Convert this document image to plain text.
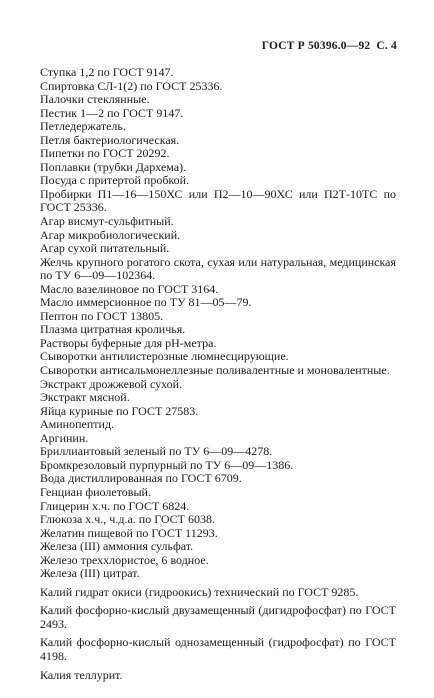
ГОСТ Р 50396.0—92 С. 4
Ступка 1,2 по ГОСТ 9147.
Спиртовка СЛ-1(2) по ГОСТ 25336.
Палочки стеклянные.
Пестик 1—2 по ГОСТ 9147.
Петледержатель.
Петля бактериологическая.
Пипетки по ГОСТ 20292.
Поплавки (трубки Дархема).
Посуда с притертой пробкой.
Пробирки П1—16—150ХС или П2—10—90ХС или П2Т-10ТС по ГОСТ 25336.
Агар висмут-сульфитный.
Агар микробиологический.
Агар сухой питательный.
Желчь крупного рогатого скота, сухая или натуральная, медицинская по ТУ 6—09—102364.
Масло вазелиновое по ГОСТ 3164.
Масло иммерсионное по ТУ 81—05—79.
Пептон по ГОСТ 13805.
Плазма цитратная кроличья.
Растворы буферные для pH-метра.
Сыворотки антилистерозные люмнесцирующие.
Сыворотки антисальмонеллезные поливалентные и моновалентные.
Экстракт дрожжевой сухой.
Экстракт мясной.
Яйца куриные по ГОСТ 27583.
Аминопептид.
Аргинин.
Бриллиантовый зеленый по ТУ 6—09—4278.
Бромкрезоловый пурпурный по ТУ 6—09—1386.
Вода дистиллированная по ГОСТ 6709.
Генциан фиолетовый.
Глицерин х.ч. по ГОСТ 6824.
Глюкоза х.ч., ч.д.а. по ГОСТ 6038.
Желатин пищевой по ГОСТ 11293.
Железа (III) аммония сульфат.
Железо треххлористое, 6 водное.
Железа (III) цитрат.
Калий гидрат окиси (гидроокись) технический по ГОСТ 9285.
Калий фосфорно-кислый двузамещенный (дигидрофосфат) по ГОСТ 2493.
Калий фосфорно-кислый однозамещенный (гидрофосфат) по ГОСТ 4198.
Калия теллурит.
